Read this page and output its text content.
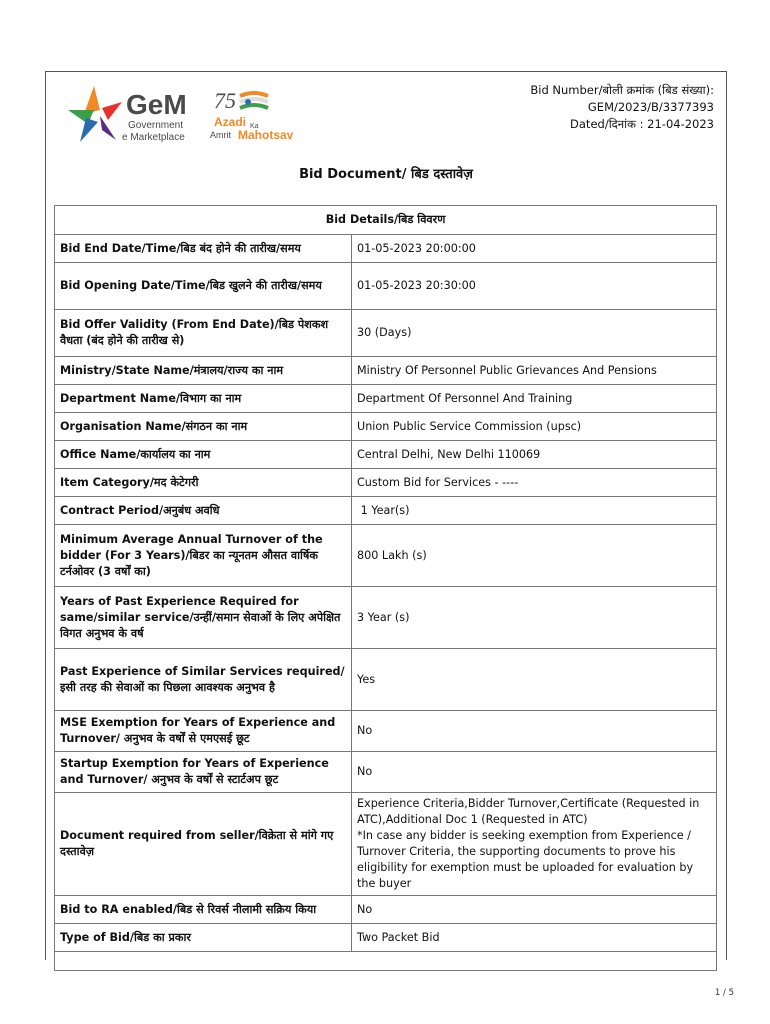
GeM
Government
e Marketplace
75
Azadi Ka
Amrit Mahotsav
Bid Number/बोली क्रमांक (बिड संख्या):
GEM/2023/B/3377393
Dated/दिनांक : 21-04-2023
Bid Document/ बिड दस्तावेज़
Bid Details/बिड विवरण	
Bid End Date/Time/बिड बंद होने की तारीख/समय	01-05-2023 20:00:00
Bid Opening Date/Time/बिड खुलने की तारीख/समय	01-05-2023 20:30:00
Bid Offer Validity (From End Date)/बिड पेशकश वैधता (बंद होने की तारीख से)	30 (Days)
Ministry/State Name/मंत्रालय/राज्य का नाम	Ministry Of Personnel Public Grievances And Pensions
Department Name/विभाग का नाम	Department Of Personnel And Training
Organisation Name/संगठन का नाम	Union Public Service Commission (upsc)
Office Name/कार्यालय का नाम	Central Delhi, New Delhi 110069
Item Category/मद केटेगरी	Custom Bid for Services - ----
Contract Period/अनुबंध अवधि	1 Year(s)
Minimum Average Annual Turnover of the bidder (For 3 Years)/बिडर का न्यूनतम औसत वार्षिक टर्नओवर (3 वर्षों का)	800 Lakh (s)
Years of Past Experience Required for same/similar service/उन्हीं/समान सेवाओं के लिए अपेक्षित विगत अनुभव के वर्ष	3 Year (s)
Past Experience of Similar Services required/इसी तरह की सेवाओं का पिछला आवश्यक अनुभव है	Yes
MSE Exemption for Years of Experience and Turnover/ अनुभव के वर्षों से एमएसई छूट	No
Startup Exemption for Years of Experience and Turnover/ अनुभव के वर्षों से स्टार्टअप छूट	No
Document required from seller/विक्रेता से मांगे गए दस्तावेज़	Experience Criteria,Bidder Turnover,Certificate (Requested in ATC),Additional Doc 1 (Requested in ATC)
*In case any bidder is seeking exemption from Experience / Turnover Criteria, the supporting documents to prove his eligibility for exemption must be uploaded for evaluation by the buyer
Bid to RA enabled/बिड से रिवर्स नीलामी सक्रिय किया	No
Type of Bid/बिड का प्रकार	Two Packet Bid

1 / 5
